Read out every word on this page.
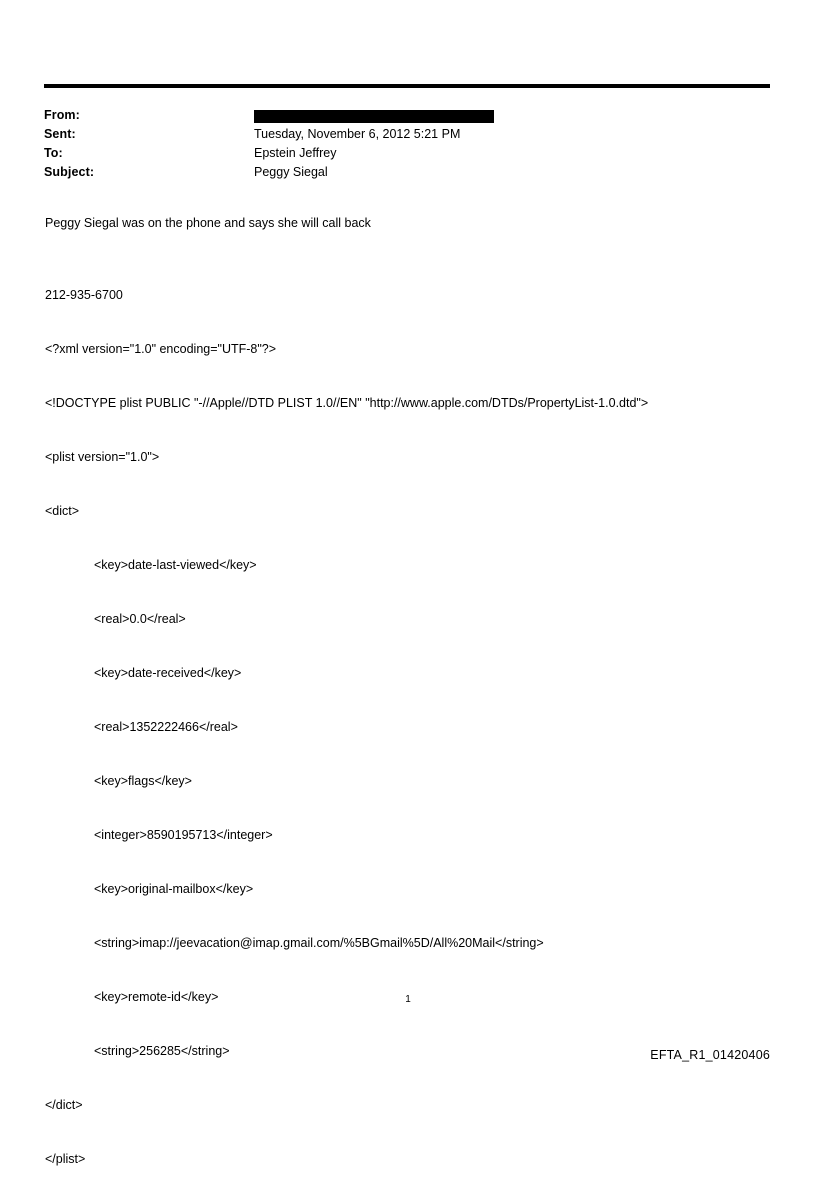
From:
Sent:	Tuesday, November 6, 2012 5:21 PM
To:	Epstein Jeffrey
Subject:	Peggy Siegal

Peggy Siegal was on the phone and says she will call back

212-935-6700

<?xml version="1.0" encoding="UTF-8"?>

<!DOCTYPE plist PUBLIC "-//Apple//DTD PLIST 1.0//EN" "http://www.apple.com/DTDs/PropertyList-1.0.dtd">

<plist version="1.0">

<dict>

<key>date-last-viewed</key>

<real>0.0</real>

<key>date-received</key>

<real>1352222466</real>

<key>flags</key>

<integer>8590195713</integer>

<key>original-mailbox</key>

<string>imap://jeevacation@imap.gmail.com/%5BGmail%5D/All%20Mail</string>

<key>remote-id</key>

<string>256285</string>

</dict>

</plist>

1
EFTA_R1_01420406
